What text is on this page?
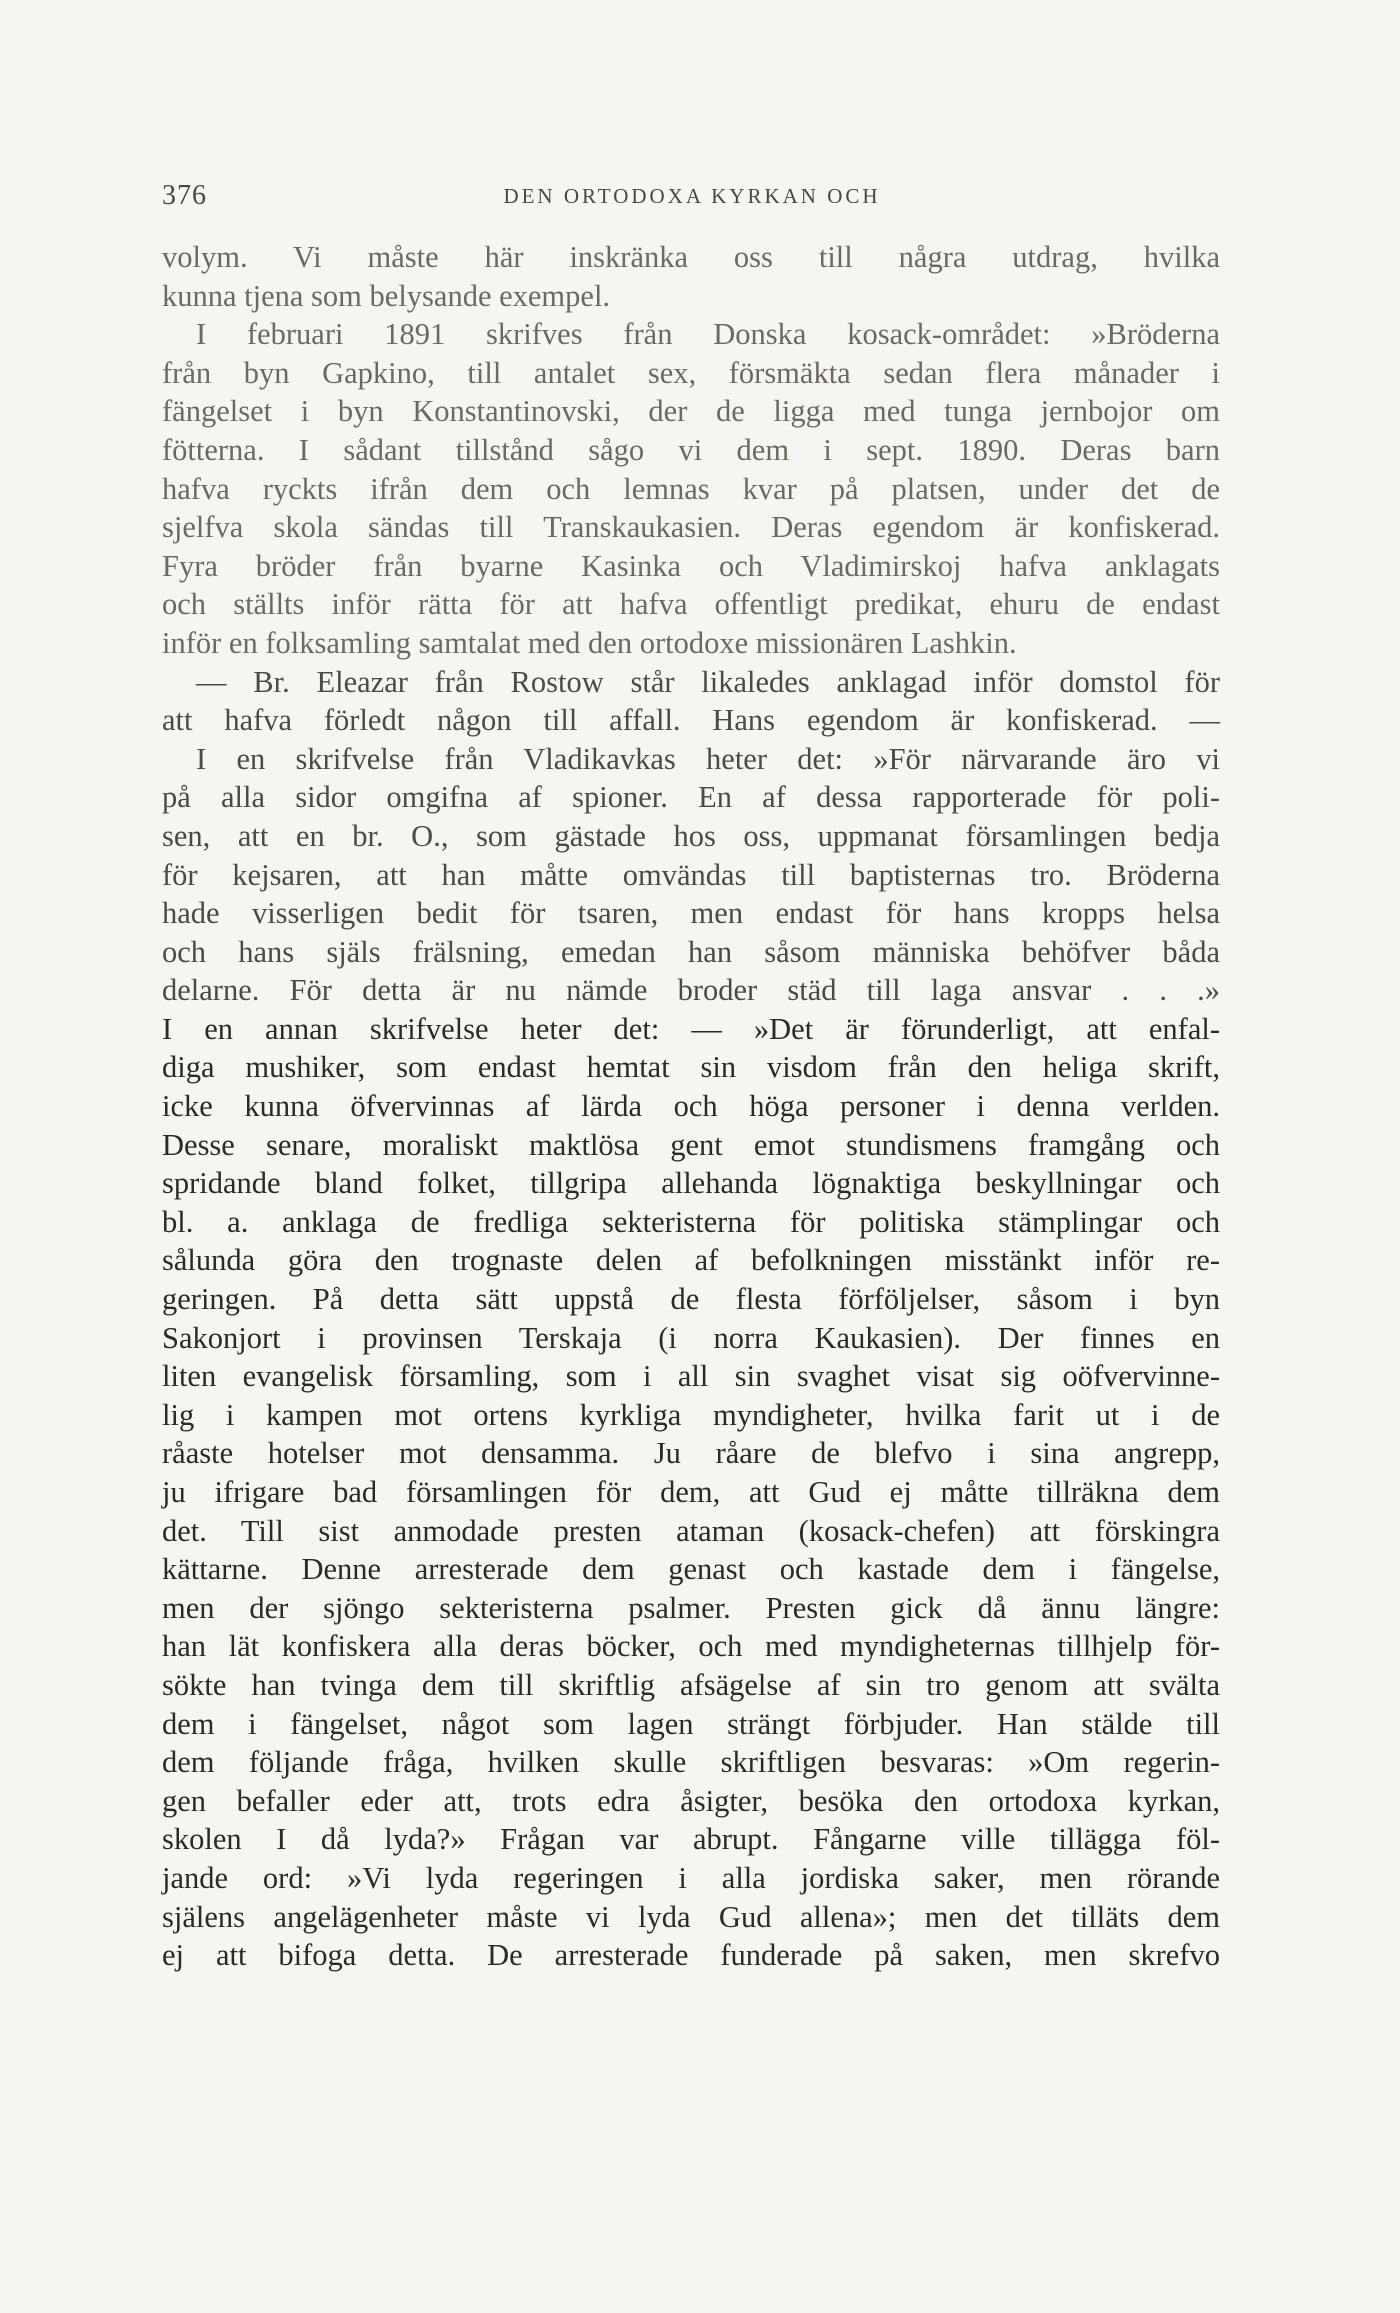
376	DEN ORTODOXA KYRKAN OCH
volym. Vi måste här inskränka oss till några utdrag, hvilka
kunna tjena som belysande exempel.
I februari 1891 skrifves från Donska kosack-området: »Bröderna
från byn Gapkino, till antalet sex, försmäkta sedan flera månader i
fängelset i byn Konstantinovski, der de ligga med tunga jernbojor om
fötterna. I sådant tillstånd sågo vi dem i sept. 1890. Deras barn
hafva ryckts ifrån dem och lemnas kvar på platsen, under det de
sjelfva skola sändas till Transkaukasien. Deras egendom är konfiskerad.
Fyra bröder från byarne Kasinka och Vladimirskoj hafva anklagats
och ställts inför rätta för att hafva offentligt predikat, ehuru de endast
inför en folksamling samtalat med den ortodoxe missionären Lashkin.
— Br. Eleazar från Rostow står likaledes anklagad inför domstol för
att hafva förledt någon till affall. Hans egendom är konfiskerad. —
I en skrifvelse från Vladikavkas heter det: »För närvarande äro vi
på alla sidor omgifna af spioner. En af dessa rapporterade för poli-
sen, att en br. O., som gästade hos oss, uppmanat församlingen bedja
för kejsaren, att han måtte omvändas till baptisternas tro. Bröderna
hade visserligen bedit för tsaren, men endast för hans kropps helsa
och hans själs frälsning, emedan han såsom människa behöfver båda
delarne. För detta är nu nämde broder städ till laga ansvar . . .»
I en annan skrifvelse heter det: — »Det är förunderligt, att enfal-
diga mushiker, som endast hemtat sin visdom från den heliga skrift,
icke kunna öfvervinnas af lärda och höga personer i denna verlden.
Desse senare, moraliskt maktlösa gent emot stundismens framgång och
spridande bland folket, tillgripa allehanda lögnaktiga beskyllningar och
bl. a. anklaga de fredliga sekteristerna för politiska stämplingar och
sålunda göra den trognaste delen af befolkningen misstänkt inför re-
geringen. På detta sätt uppstå de flesta förföljelser, såsom i byn
Sakonjort i provinsen Terskaja (i norra Kaukasien). Der finnes en
liten evangelisk församling, som i all sin svaghet visat sig oöfvervinne-
lig i kampen mot ortens kyrkliga myndigheter, hvilka farit ut i de
råaste hotelser mot densamma. Ju råare de blefvo i sina angrepp,
ju ifrigare bad församlingen för dem, att Gud ej måtte tillräkna dem
det. Till sist anmodade presten ataman (kosack-chefen) att förskingra
kättarne. Denne arresterade dem genast och kastade dem i fängelse,
men der sjöngo sekteristerna psalmer. Presten gick då ännu längre:
han lät konfiskera alla deras böcker, och med myndigheternas tillhjelp för-
sökte han tvinga dem till skriftlig afsägelse af sin tro genom att svälta
dem i fängelset, något som lagen strängt förbjuder. Han stälde till
dem följande fråga, hvilken skulle skriftligen besvaras: »Om regerin-
gen befaller eder att, trots edra åsigter, besöka den ortodoxa kyrkan,
skolen I då lyda?» Frågan var abrupt. Fångarne ville tillägga föl-
jande ord: »Vi lyda regeringen i alla jordiska saker, men rörande
själens angelägenheter måste vi lyda Gud allena»; men det tilläts dem
ej att bifoga detta. De arresterade funderade på saken, men skrefvo
